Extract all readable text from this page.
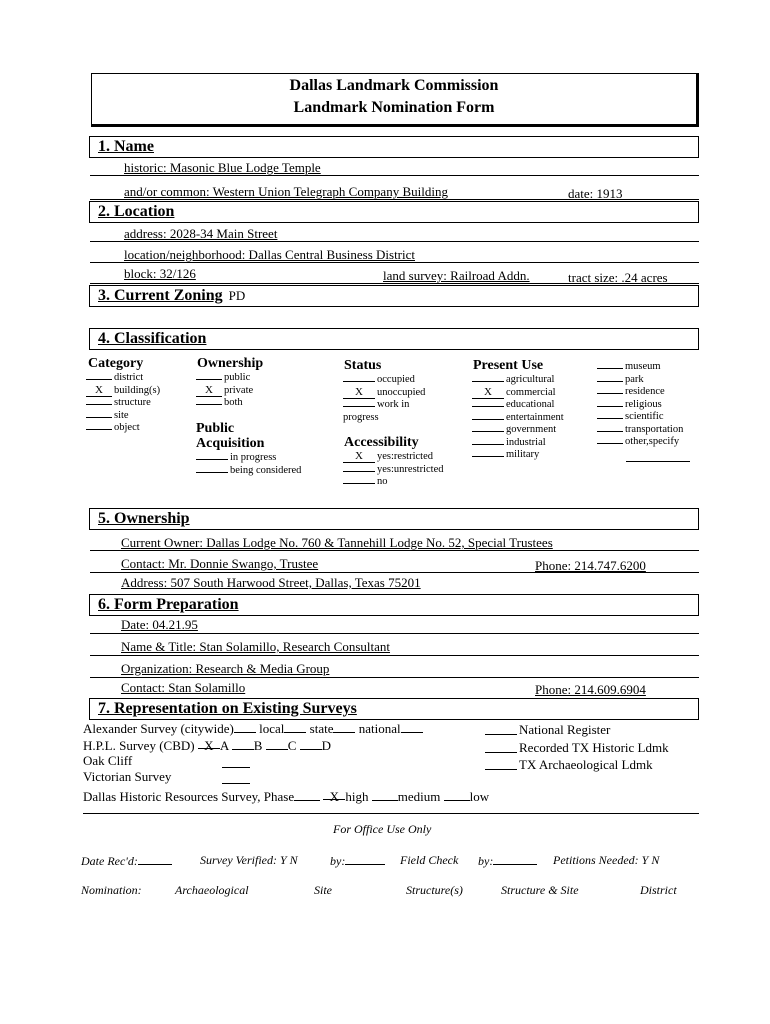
Dallas Landmark Commission
Landmark Nomination Form
1. Name
historic: Masonic Blue Lodge Temple
and/or common: Western Union Telegraph Company Building	date: 1913
2. Location
address: 2028-34 Main Street
location/neighborhood: Dallas Central Business District
block: 32/126	land survey: Railroad Addn.	tract size: .24 acres
3. Current Zoning PD
4. Classification
Category
district
X building(s)
structure
site
object
Ownership
public
X private
both
Public
Acquisition
in progress
being considered
Status
occupied
X unoccupied
work in
progress
Accessibility
X yes:restricted
yes:unrestricted
no
Present Use
agricultural
X commercial
educational
entertainment
government
industrial
military
museum
park
residence
religious
scientific
transportation
other,specify
5. Ownership
Current Owner: Dallas Lodge No. 760 & Tannehill Lodge No. 52, Special Trustees
Contact: Mr. Donnie Swango, Trustee	Phone: 214.747.6200
Address: 507 South Harwood Street, Dallas, Texas 75201
6. Form Preparation
Date: 04.21.95
Name & Title: Stan Solamillo, Research Consultant
Organization: Research & Media Group
Contact: Stan Solamillo	Phone: 214.609.6904
7. Representation on Existing Surveys
Alexander Survey (citywide) local state national
H.P.L. Survey (CBD) X A B C D
Oak Cliff
Victorian Survey
Dallas Historic Resources Survey, Phase	X high medium low
National Register
Recorded TX Historic Ldmk
TX Archaeological Ldmk
For Office Use Only
Date Rec'd:	Survey Verified: Y N	by:	Field Check by:	Petitions Needed: Y N
Nomination:	Archaeological	Site	Structure(s)	Structure & Site	District
